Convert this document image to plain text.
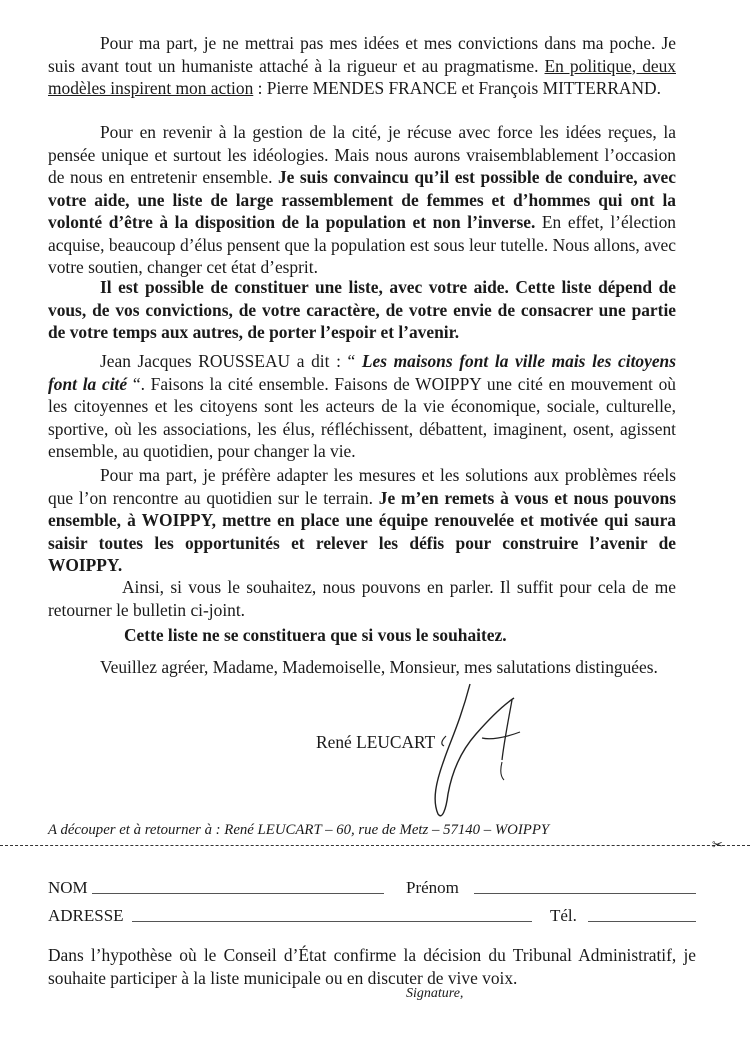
Pour ma part, je ne mettrai pas mes idées et mes convictions dans ma poche. Je suis avant tout un humaniste attaché à la rigueur et au pragmatisme. En politique, deux modèles inspirent mon action : Pierre MENDES FRANCE et François MITTERRAND.

Pour en revenir à la gestion de la cité, je récuse avec force les idées reçues, la pensée unique et surtout les idéologies. Mais nous aurons vraisemblablement l’occasion de nous en entretenir ensemble. Je suis convaincu qu’il est possible de conduire, avec votre aide, une liste de large rassemblement de femmes et d’hommes qui ont la volonté d’être à la disposition de la population et non l’inverse. En effet, l’élection acquise, beaucoup d’élus pensent que la population est sous leur tutelle. Nous allons, avec votre soutien, changer cet état d’esprit.

Il est possible de constituer une liste, avec votre aide. Cette liste dépend de vous, de vos convictions, de votre caractère, de votre envie de consacrer une partie de votre temps aux autres, de porter l’espoir et l’avenir.

Jean Jacques ROUSSEAU a dit : “ Les maisons font la ville mais les citoyens font la cité “. Faisons la cité ensemble. Faisons de WOIPPY une cité en mouvement où les citoyennes et les citoyens sont les acteurs de la vie économique, sociale, culturelle, sportive, où les associations, les élus, réfléchissent, débattent, imaginent, osent, agissent ensemble, au quotidien, pour changer la vie.

Pour ma part, je préfère adapter les mesures et les solutions aux problèmes réels que l’on rencontre au quotidien sur le terrain. Je m’en remets à vous et nous pouvons ensemble, à WOIPPY, mettre en place une équipe renouvelée et motivée qui saura saisir toutes les opportunités et relever les défis pour construire l’avenir de WOIPPY.

Ainsi, si vous le souhaitez, nous pouvons en parler. Il suffit pour cela de me retourner le bulletin ci-joint.

Cette liste ne se constituera que si vous le souhaitez.

Veuillez agréer, Madame, Mademoiselle, Monsieur, mes salutations distinguées.

René LEUCART
A découper et à retourner à : René LEUCART – 60, rue de Metz – 57140 – WOIPPY
✂
NOM	Prénom
ADRESSE	Tél.

Dans l’hypothèse où le Conseil d’État confirme la décision du Tribunal Administratif, je souhaite participer à la liste municipale ou en discuter de vive voix.

Signature,
